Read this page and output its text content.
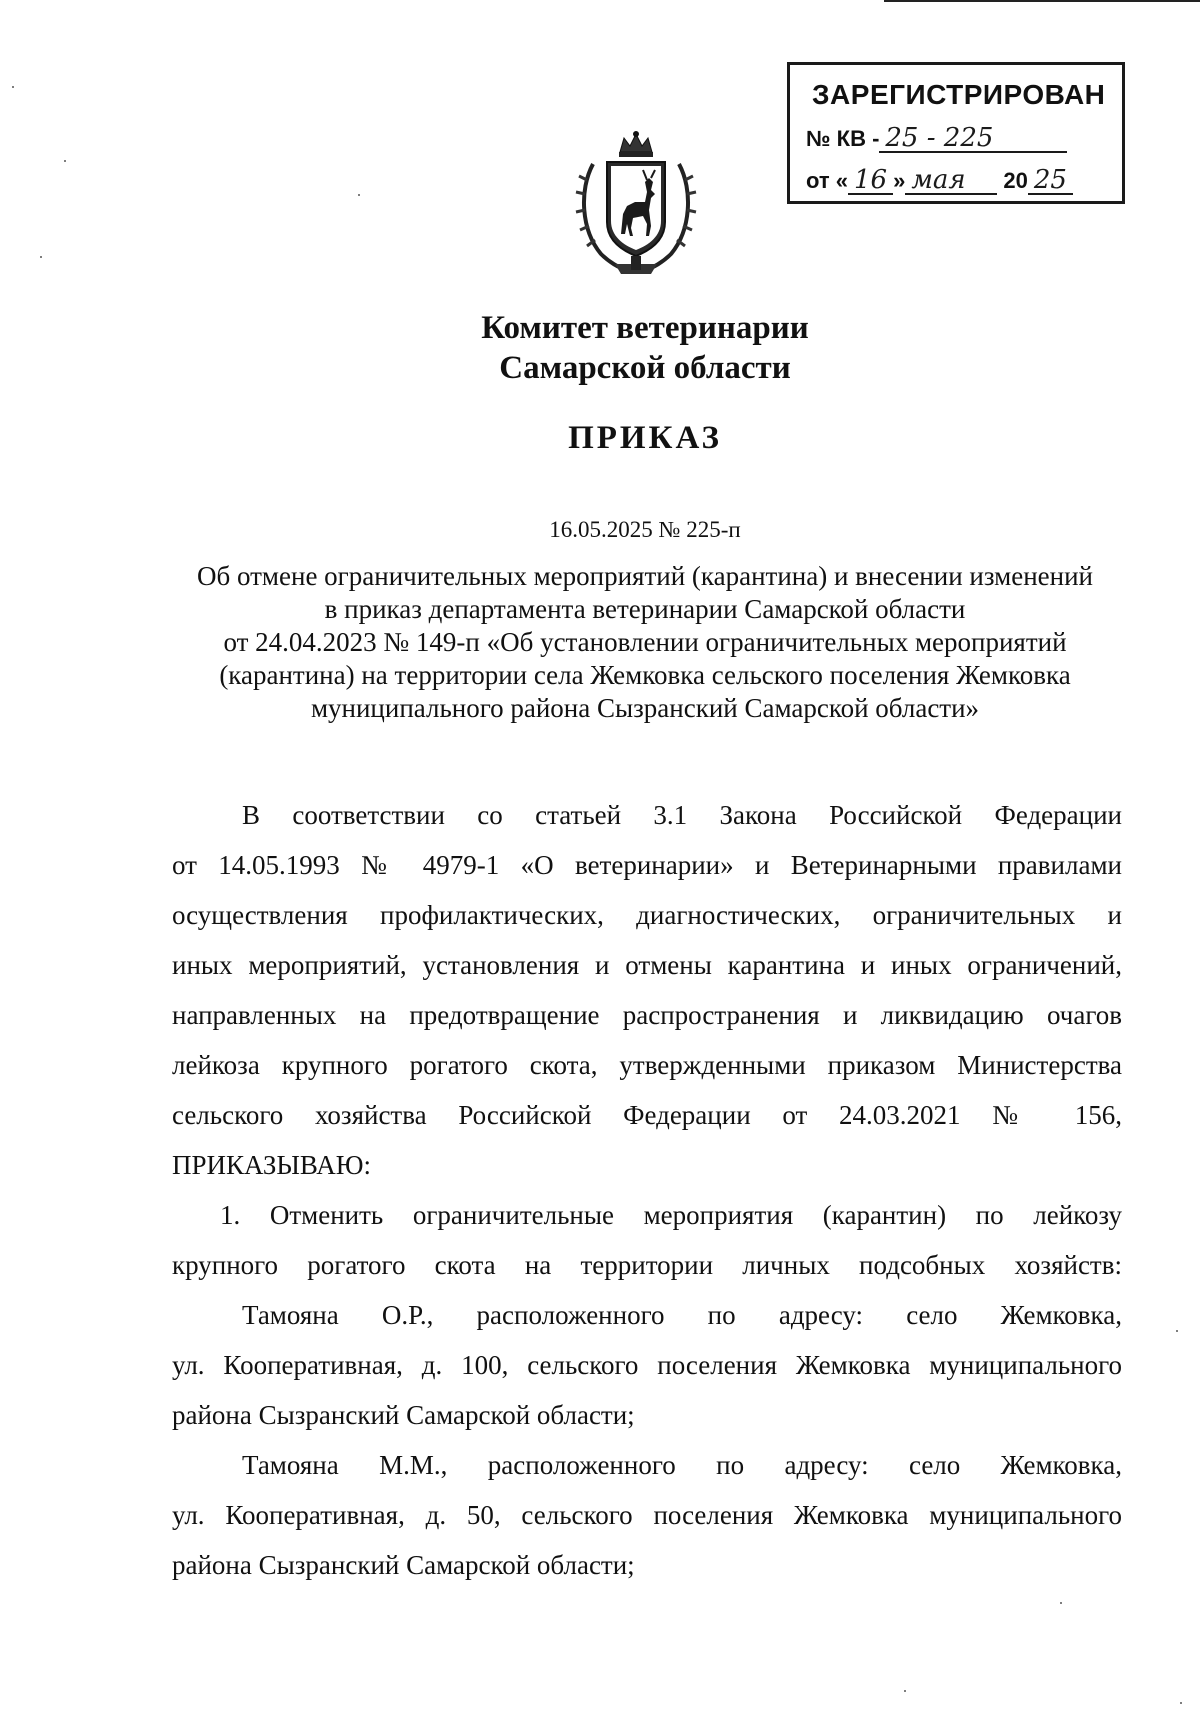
ЗАРЕГИСТРИРОВАН
№ КВ - 25 - 225
от « 16 » мая 20 25
Комитет ветеринарии
Самарской области
ПРИКАЗ
16.05.2025 № 225-п
Об отмене ограничительных мероприятий (карантина) и внесении изменений
в приказ департамента ветеринарии Самарской области
от 24.04.2023 № 149-п «Об установлении ограничительных мероприятий
(карантина) на территории села Жемковка сельского поселения Жемковка
муниципального района Сызранский Самарской области»
В соответствии со статьей 3.1 Закона Российской Федерации
от 14.05.1993 № 4979-1 «О ветеринарии» и Ветеринарными правилами
осуществления профилактических, диагностических, ограничительных и
иных мероприятий, установления и отмены карантина и иных ограничений,
направленных на предотвращение распространения и ликвидацию очагов
лейкоза крупного рогатого скота, утвержденными приказом Министерства
сельского хозяйства Российской Федерации от 24.03.2021 № 156,
ПРИКАЗЫВАЮ:
1. Отменить ограничительные мероприятия (карантин) по лейкозу
крупного рогатого скота на территории личных подсобных хозяйств:
Тамояна О.Р., расположенного по адресу: село Жемковка,
ул. Кооперативная, д. 100, сельского поселения Жемковка муниципального
района Сызранский Самарской области;
Тамояна М.М., расположенного по адресу: село Жемковка,
ул. Кооперативная, д. 50, сельского поселения Жемковка муниципального
района Сызранский Самарской области;
